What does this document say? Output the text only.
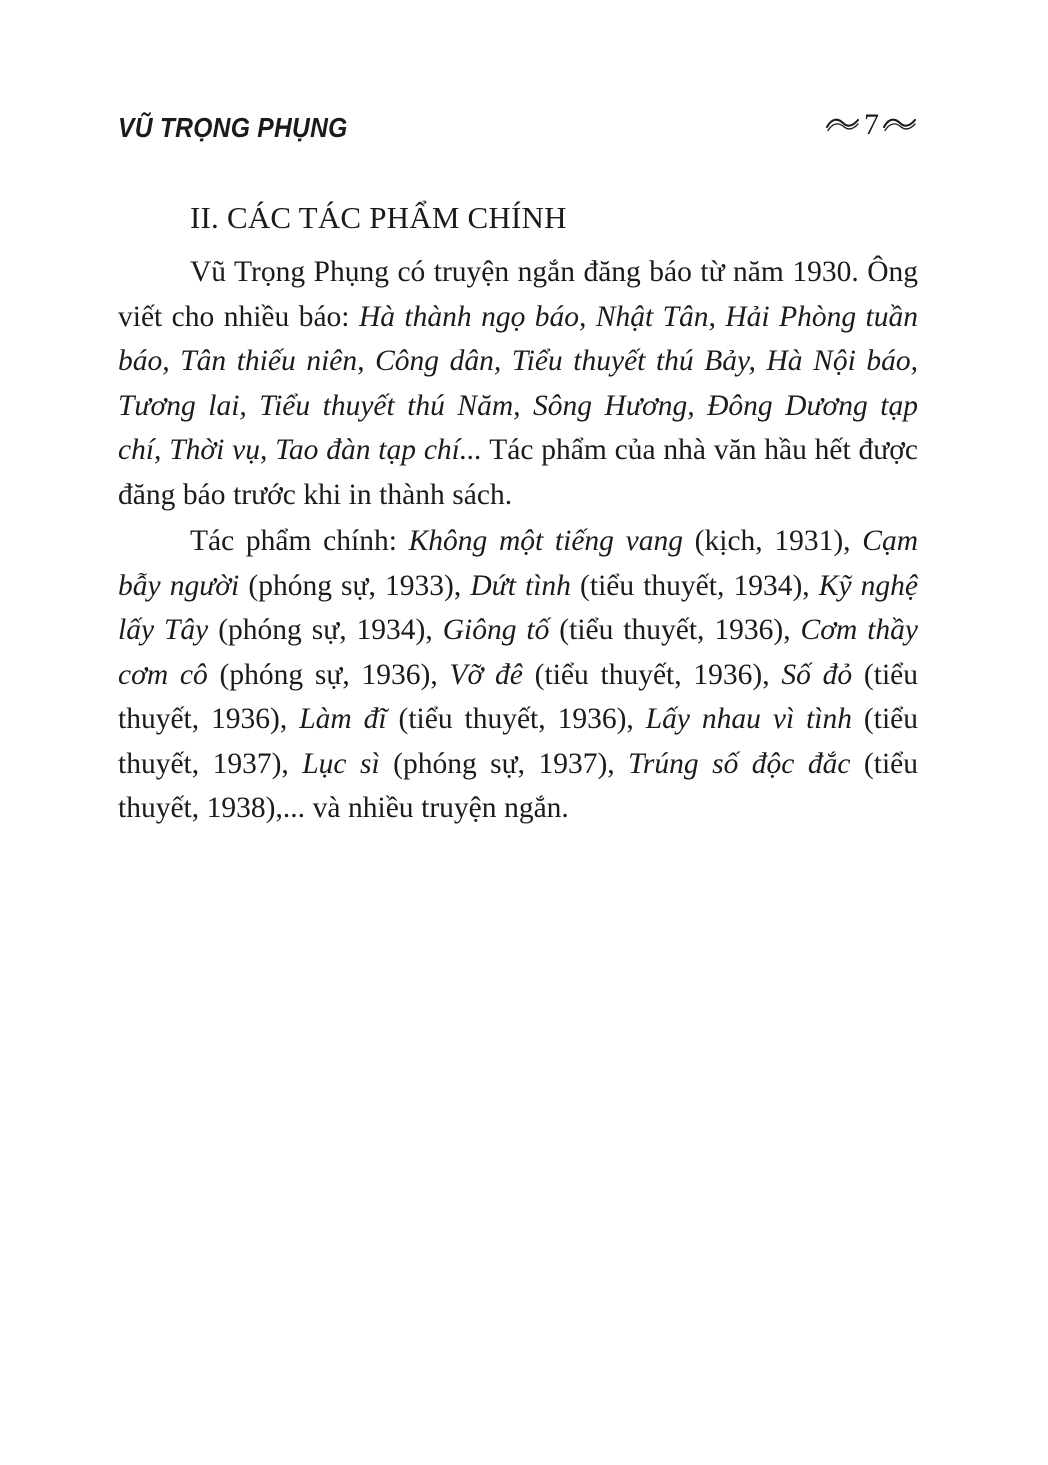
VŨ TRỌNG PHỤNG	7
II. CÁC TÁC PHẨM CHÍNH

Vũ Trọng Phụng có truyện ngắn đăng báo từ năm 1930. Ông viết cho nhiều báo: Hà thành ngọ báo, Nhật Tân, Hải Phòng tuần báo, Tân thiếu niên, Công dân, Tiểu thuyết thú Bảy, Hà Nội báo, Tương lai, Tiểu thuyết thú Năm, Sông Hương, Đông Dương tạp chí, Thời vụ, Tao đàn tạp chí... Tác phẩm của nhà văn hầu hết được đăng báo trước khi in thành sách.

Tác phẩm chính: Không một tiếng vang (kịch, 1931), Cạm bẫy người (phóng sự, 1933), Dứt tình (tiểu thuyết, 1934), Kỹ nghệ lấy Tây (phóng sự, 1934), Giông tố (tiểu thuyết, 1936), Cơm thầy cơm cô (phóng sự, 1936), Vỡ đê (tiểu thuyết, 1936), Số đỏ (tiểu thuyết, 1936), Làm đĩ (tiểu thuyết, 1936), Lấy nhau vì tình (tiểu thuyết, 1937), Lục sì (phóng sự, 1937), Trúng số độc đắc (tiểu thuyết, 1938),... và nhiều truyện ngắn.
